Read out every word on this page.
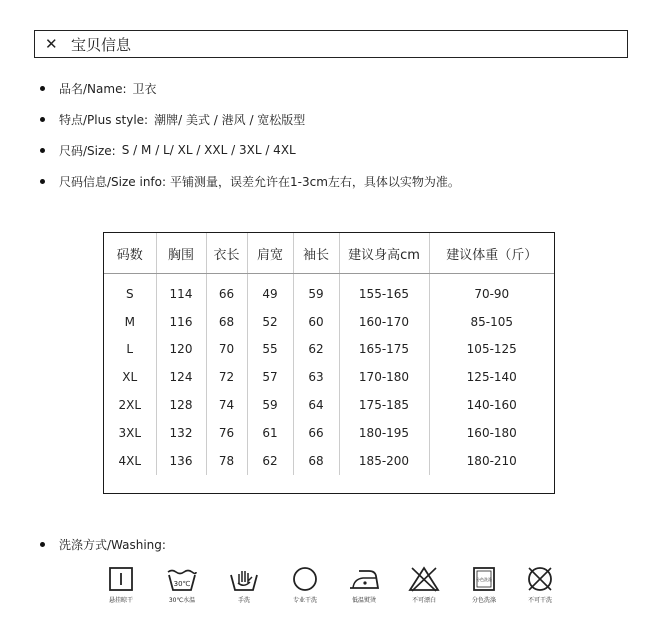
✕ 宝贝信息
品名/Name: 卫衣
特点/Plus style: 潮牌/ 美式 / 港风 / 宽松版型
尺码/Size: S / M / L/ XL / XXL / 3XL / 4XL
尺码信息/Size info: 平铺测量，误差允许在1-3cm左右，具体以实物为准。
码数	胸围	衣长	肩宽	袖长	建议身高cm	建议体重（斤）
S	114	66	49	59	155-165	70-90
M	116	68	52	60	160-170	85-105
L	120	70	55	62	165-175	105-125
XL	124	72	57	63	170-180	125-140
2XL	128	74	59	64	175-185	140-160
3XL	132	76	61	66	180-195	160-180
4XL	136	78	62	68	185-200	180-210
洗涤方式/Washing:
悬挂晾干
30℃
30℃水温	手洗	专业干洗	低温熨烫	不可漂白
分色洗涤
分色洗涤	不可干洗
